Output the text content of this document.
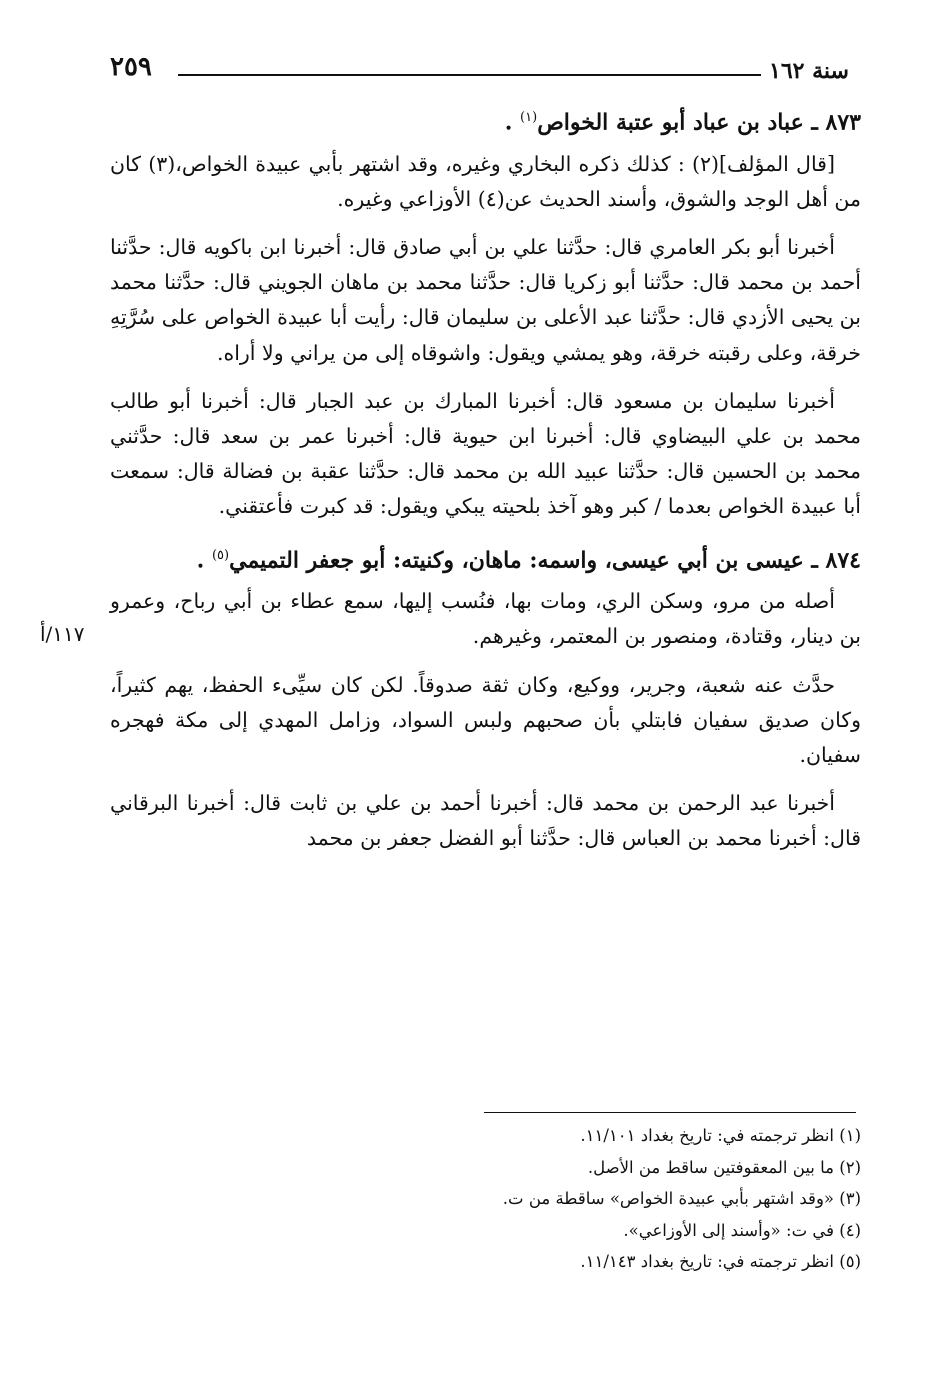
سنة ١٦٢
٢٥٩
٨٧٣ ـ عباد بن عباد أبو عتبة الخواص$^{(١)}$ .

[قال المؤلف](٢) : كذلك ذكره البخاري وغيره، وقد اشتهر بأبي عبيدة الخواص،(٣) كان من أهل الوجد والشوق، وأسند الحديث عن(٤) الأوزاعي وغيره.

أخبرنا أبو بكر العامري قال: حدَّثنا علي بن أبي صادق قال: أخبرنا ابن باكويه قال: حدَّثنا أحمد بن محمد قال: حدَّثنا أبو زكريا قال: حدَّثنا محمد بن ماهان الجويني قال: حدَّثنا محمد بن يحيى الأزدي قال: حدَّثنا عبد الأعلى بن سليمان قال: رأيت أبا عبيدة الخواص على سُرَّتِهِ خرقة، وعلى رقبته خرقة، وهو يمشي ويقول: واشوقاه إلى من يراني ولا أراه.

أخبرنا سليمان بن مسعود قال: أخبرنا المبارك بن عبد الجبار قال: أخبرنا أبو طالب محمد بن علي البيضاوي قال: أخبرنا ابن حيوية قال: أخبرنا عمر بن سعد قال: حدَّثني محمد بن الحسين قال: حدَّثنا عبيد الله بن محمد قال: حدَّثنا عقبة بن فضالة قال: سمعت أبا عبيدة الخواص بعدما / كبر وهو آخذ بلحيته يبكي ويقول: قد كبرت فأعتقني.

٨٧٤ ـ عيسى بن أبي عيسى، واسمه: ماهان، وكنيته: أبو جعفر التميمي$^{(٥)}$ .

أصله من مرو، وسكن الري، ومات بها، فنُسب إليها، سمع عطاء بن أبي رباح، وعمرو بن دينار، وقتادة، ومنصور بن المعتمر، وغيرهم.

حدَّث عنه شعبة، وجرير، ووكيع، وكان ثقة صدوقاً. لكن كان سيِّىء الحفظ، يهم كثيراً، وكان صديق سفيان فابتلي بأن صحبهم ولبس السواد، وزامل المهدي إلى مكة فهجره سفيان.

أخبرنا عبد الرحمن بن محمد قال: أخبرنا أحمد بن علي بن ثابت قال: أخبرنا البرقاني قال: أخبرنا محمد بن العباس قال: حدَّثنا أبو الفضل جعفر بن محمد

١١٧/أ

(١) انظر ترجمته في: تاريخ بغداد ١١/١٠١.

(٢) ما بين المعقوفتين ساقط من الأصل.

(٣) «وقد اشتهر بأبي عبيدة الخواص» ساقطة من ت.

(٤) في ت: «وأسند إلى الأوزاعي».

(٥) انظر ترجمته في: تاريخ بغداد ١١/١٤٣.
